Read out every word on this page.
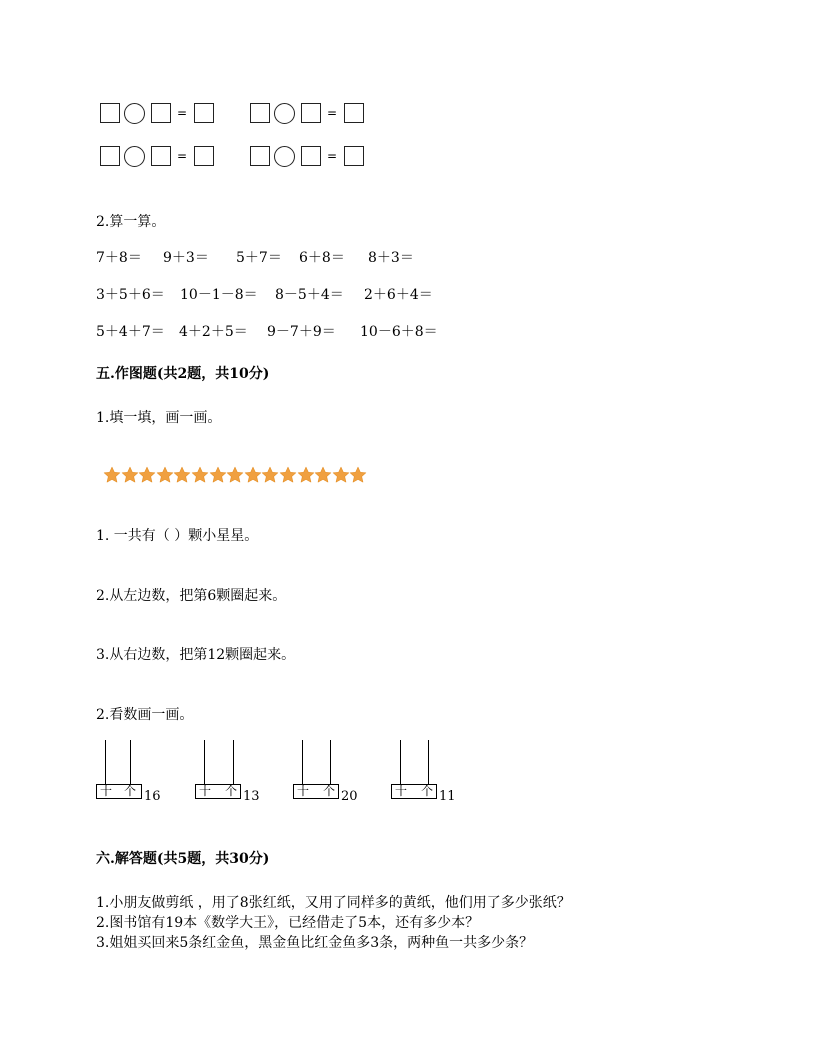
=	=
=	=
2.算一算。
7＋8＝ 9＋3＝ 5＋7＝ 6＋8＝ 8＋3＝
3＋5＋6＝ 10－1－8＝ 8－5＋4＝ 2＋6＋4＝
5＋4＋7＝ 4＋2＋5＝ 9－7＋9＝ 10－6＋8＝
五.作图题(共2题，共10分)
1.填一填，画一画。
1. 一共有（ ）颗小星星。
2.从左边数，把第6颗圈起来。
3.从右边数，把第12颗圈起来。
2.看数画一画。
十 个 16	十 个 13	十 个 20	十 个 11
六.解答题(共5题，共30分)
1.小朋友做剪纸 ，用了8张红纸，又用了同样多的黄纸，他们用了多少张纸？
2.图书馆有19本《数学大王》，已经借走了5本，还有多少本？
3.姐姐买回来5条红金鱼，黑金鱼比红金鱼多3条，两种鱼一共多少条？
